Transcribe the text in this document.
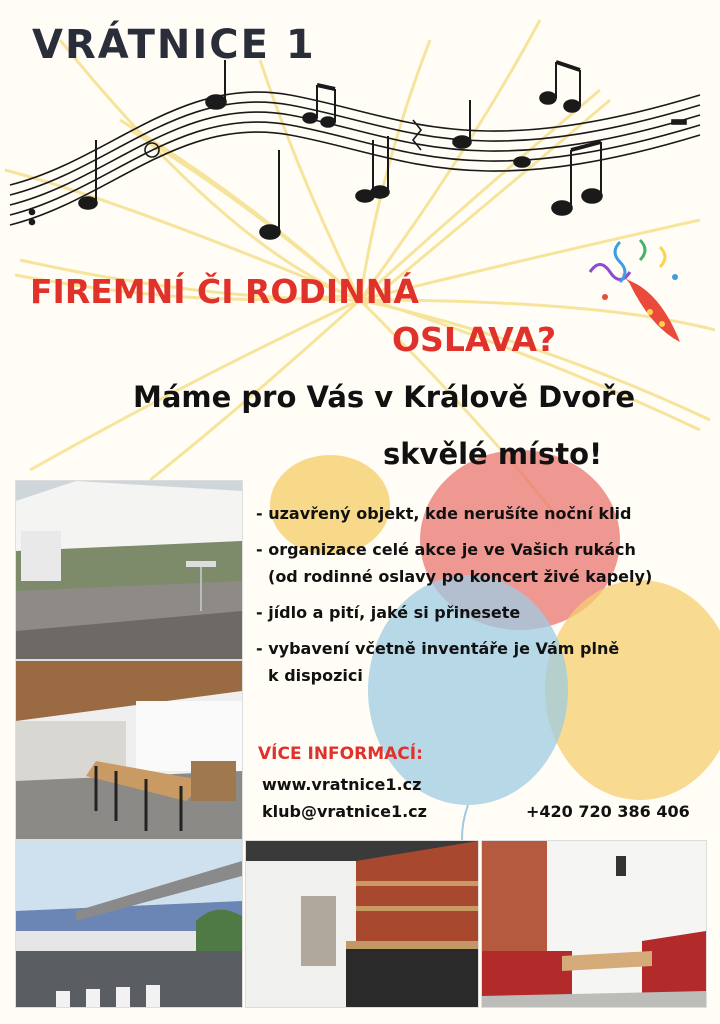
VRÁTNICE 1
FIREMNÍ ČI RODINNÁ
OSLAVA?
Máme pro Vás v Králově Dvoře
skvělé místo!
- uzavřený objekt, kde nerušíte noční klid
- organizace celé akce je ve Vašich rukách
(od rodinné oslavy po koncert živé kapely)
- jídlo a pití, jaké si přinesete
- vybavení včetně inventáře je Vám plně
k dispozici
VÍCE INFORMACÍ:
www.vratnice1.cz
klub@vratnice1.cz	+420 720 386 406
